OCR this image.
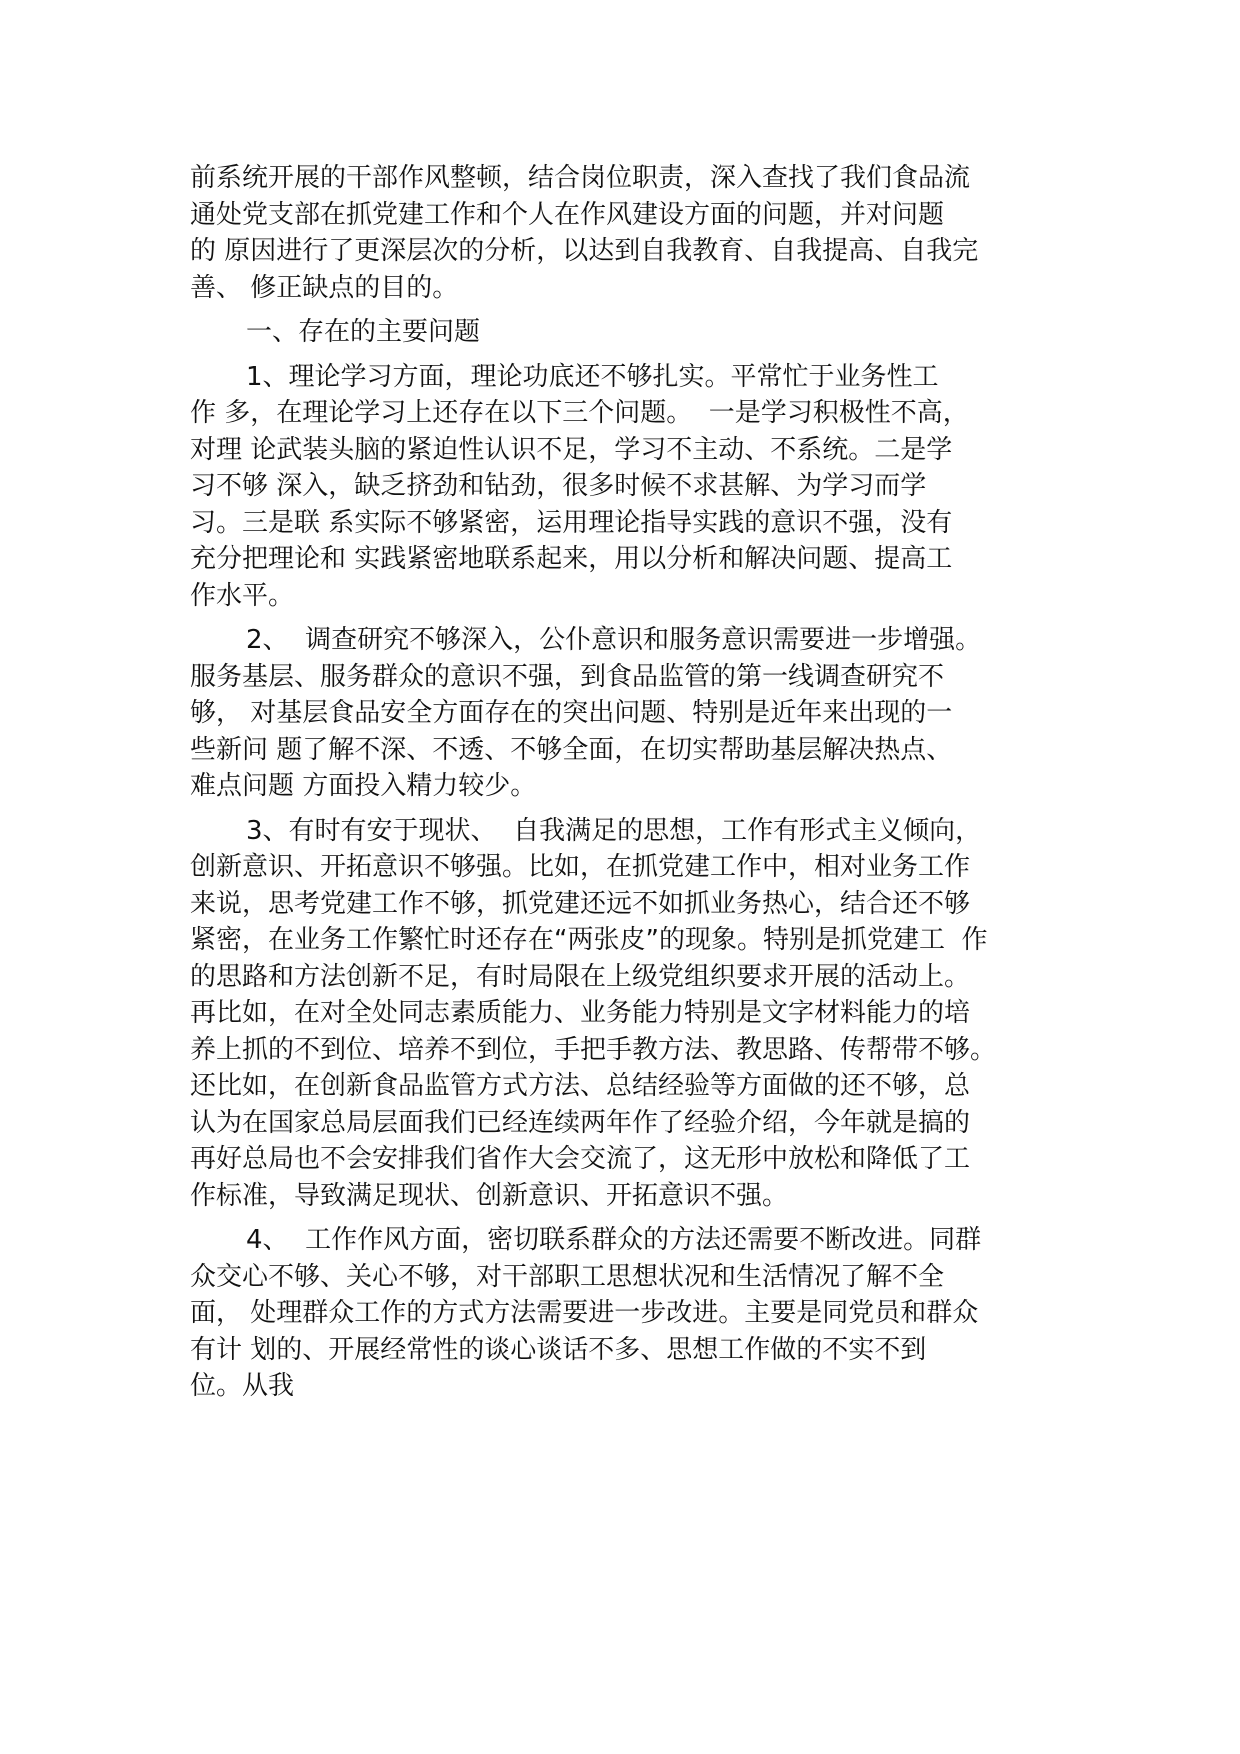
前系统开展的干部作风整顿，结合岗位职责，深入查找了我们食品流
通处党支部在抓党建工作和个人在作风建设方面的问题，并对问题
的 原因进行了更深层次的分析，以达到自我教育、自我提高、自我完
善、 修正缺点的目的。

一、存在的主要问题

1、理论学习方面，理论功底还不够扎实。平常忙于业务性工
作 多，在理论学习上还存在以下三个问题。  一是学习积极性不高，
对理 论武装头脑的紧迫性认识不足，学习不主动、不系统。二是学
习不够 深入，缺乏挤劲和钻劲，很多时候不求甚解、为学习而学
习。三是联 系实际不够紧密，运用理论指导实践的意识不强，没有
充分把理论和 实践紧密地联系起来，用以分析和解决问题、提高工
作水平。

2、  调查研究不够深入，公仆意识和服务意识需要进一步增强。
服务基层、服务群众的意识不强，到食品监管的第一线调查研究不
够， 对基层食品安全方面存在的突出问题、特别是近年来出现的一
些新问 题了解不深、不透、不够全面，在切实帮助基层解决热点、
难点问题 方面投入精力较少。

3、有时有安于现状、  自我满足的思想，工作有形式主义倾向，
创新意识、开拓意识不够强。比如，在抓党建工作中，相对业务工作
来说，思考党建工作不够，抓党建还远不如抓业务热心，结合还不够
紧密，在业务工作繁忙时还存在“两张皮”的现象。特别是抓党建工  作
的思路和方法创新不足，有时局限在上级党组织要求开展的活动上。
再比如，在对全处同志素质能力、业务能力特别是文字材料能力的培
养上抓的不到位、培养不到位，手把手教方法、教思路、传帮带不够。
还比如，在创新食品监管方式方法、总结经验等方面做的还不够，总
认为在国家总局层面我们已经连续两年作了经验介绍，今年就是搞的
再好总局也不会安排我们省作大会交流了，这无形中放松和降低了工
作标准，导致满足现状、创新意识、开拓意识不强。

4、  工作作风方面，密切联系群众的方法还需要不断改进。同群
众交心不够、关心不够，对干部职工思想状况和生活情况了解不全
面， 处理群众工作的方式方法需要进一步改进。主要是同党员和群众
有计 划的、开展经常性的谈心谈话不多、思想工作做的不实不到
位。从我
